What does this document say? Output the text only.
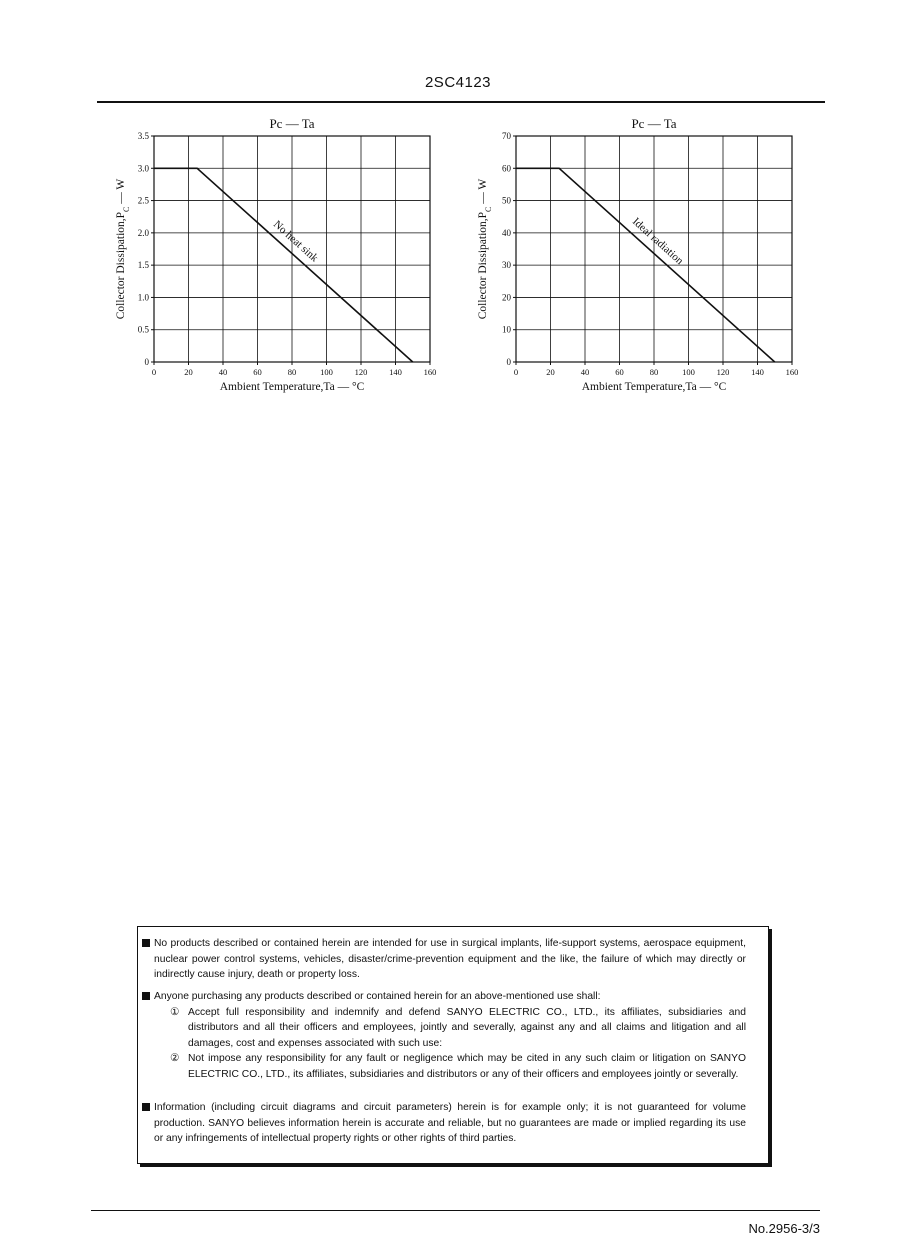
2SC4123
Pc — Ta
0	20	40	60	80	100	120	140	160
0
0.5
1.0
1.5
2.0
2.5
3.0
3.5
Ambient Temperature,Ta — °C
Collector $Dissipation,P_C$ — W
No heat sink
Pc — Ta
0	20	40	60	80	100	120	140	160
0
10
20
30
40
50
60
70
Ambient Temperature,Ta — °C
Collector $Dissipation,P_C$ — W
Ideal radiation

No products described or contained herein are intended for use in surgical implants, life-support systems, aerospace equipment, nuclear power control systems, vehicles, disaster/crime-prevention equipment and the like, the failure of which may directly or indirectly cause injury, death or property loss.

Anyone purchasing any products described or contained herein for an above-mentioned use shall:

① Accept full responsibility and indemnify and defend SANYO ELECTRIC CO., LTD., its affiliates, subsidiaries and distributors and all their officers and employees, jointly and severally, against any and all claims and litigation and all damages, cost and expenses associated with such use:

② Not impose any responsibility for any fault or negligence which may be cited in any such claim or litigation on SANYO ELECTRIC CO., LTD., its affiliates, subsidiaries and distributors or any of their officers and employees jointly or severally.

Information (including circuit diagrams and circuit parameters) herein is for example only; it is not guaranteed for volume production. SANYO believes information herein is accurate and reliable, but no guarantees are made or implied regarding its use or any infringements of intellectual property rights or other rights of third parties.

No.2956-3/3
